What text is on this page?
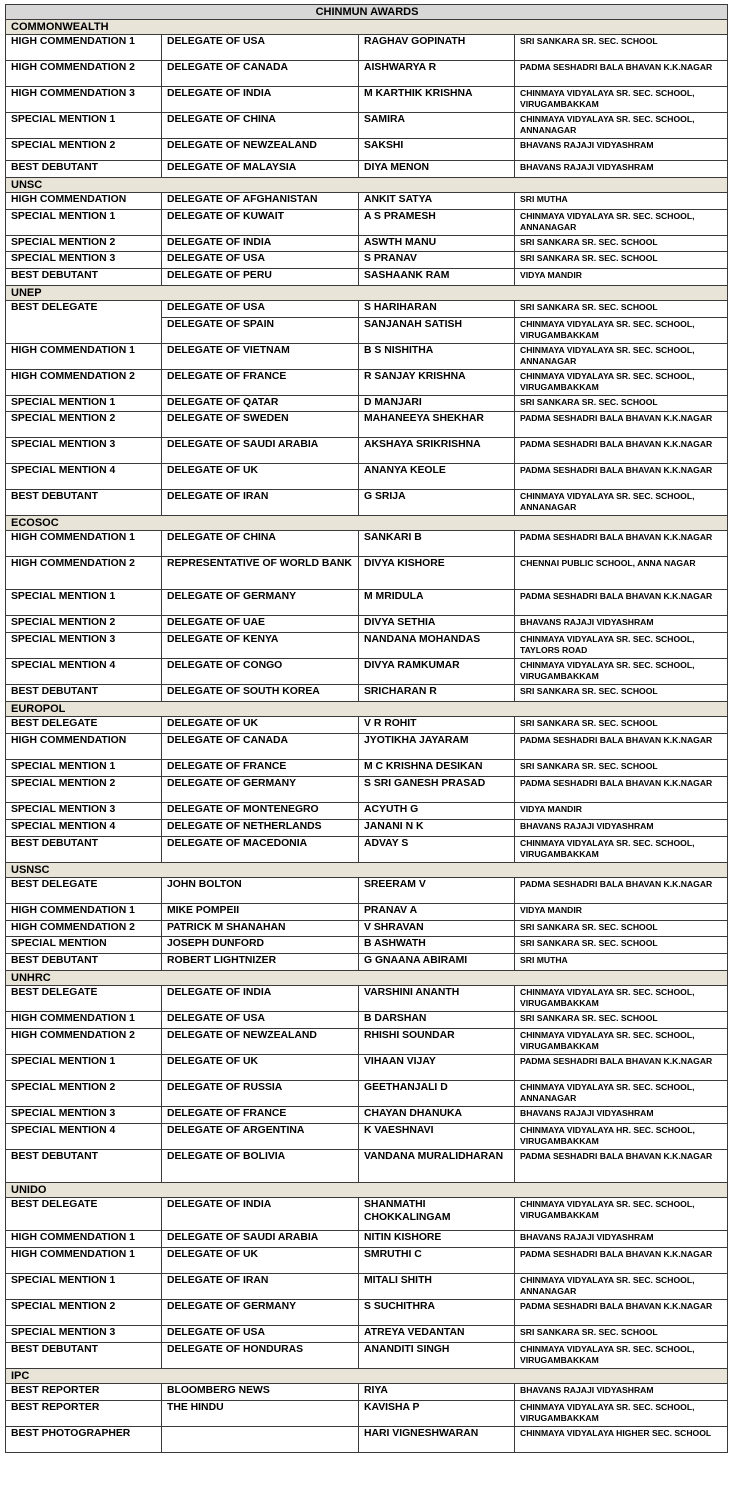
CHINMUN AWARDS			
COMMONWEALTH			
HIGH COMMENDATION 1	DELEGATE OF USA	RAGHAV GOPINATH	SRI SANKARA SR. SEC. SCHOOL
HIGH COMMENDATION 2	DELEGATE OF CANADA	AISHWARYA R	PADMA SESHADRI BALA BHAVAN K.K.NAGAR
HIGH COMMENDATION 3	DELEGATE OF INDIA	M KARTHIK KRISHNA	CHINMAYA VIDYALAYA SR. SEC. SCHOOL, VIRUGAMBAKKAM
SPECIAL MENTION 1	DELEGATE OF CHINA	SAMIRA	CHINMAYA VIDYALAYA SR. SEC. SCHOOL, ANNANAGAR
SPECIAL MENTION 2	DELEGATE OF NEWZEALAND	SAKSHI	BHAVANS RAJAJI VIDYASHRAM
BEST DEBUTANT	DELEGATE OF MALAYSIA	DIYA MENON	BHAVANS RAJAJI VIDYASHRAM
UNSC			
HIGH COMMENDATION	DELEGATE OF AFGHANISTAN	ANKIT SATYA	SRI MUTHA
SPECIAL MENTION 1	DELEGATE OF KUWAIT	A S PRAMESH	CHINMAYA VIDYALAYA SR. SEC. SCHOOL, ANNANAGAR
SPECIAL MENTION 2	DELEGATE OF INDIA	ASWTH MANU	SRI SANKARA SR. SEC. SCHOOL
SPECIAL MENTION 3	DELEGATE OF USA	S PRANAV	SRI SANKARA SR. SEC. SCHOOL
BEST DEBUTANT	DELEGATE OF PERU	SASHAANK RAM	VIDYA MANDIR
UNEP			
BEST DELEGATE	DELEGATE OF USA	S HARIHARAN	SRI SANKARA SR. SEC. SCHOOL
	DELEGATE OF SPAIN	SANJANAH SATISH	CHINMAYA VIDYALAYA SR. SEC. SCHOOL, VIRUGAMBAKKAM
HIGH COMMENDATION 1	DELEGATE OF VIETNAM	B S NISHITHA	CHINMAYA VIDYALAYA SR. SEC. SCHOOL, ANNANAGAR
HIGH COMMENDATION 2	DELEGATE OF FRANCE	R SANJAY KRISHNA	CHINMAYA VIDYALAYA SR. SEC. SCHOOL, VIRUGAMBAKKAM
SPECIAL MENTION 1	DELEGATE OF QATAR	D MANJARI	SRI SANKARA SR. SEC. SCHOOL
SPECIAL MENTION 2	DELEGATE OF SWEDEN	MAHANEEYA SHEKHAR	PADMA SESHADRI BALA BHAVAN K.K.NAGAR
SPECIAL MENTION 3	DELEGATE OF SAUDI ARABIA	AKSHAYA SRIKRISHNA	PADMA SESHADRI BALA BHAVAN K.K.NAGAR
SPECIAL MENTION 4	DELEGATE OF UK	ANANYA KEOLE	PADMA SESHADRI BALA BHAVAN K.K.NAGAR
BEST DEBUTANT	DELEGATE OF IRAN	G SRIJA	CHINMAYA VIDYALAYA SR. SEC. SCHOOL, ANNANAGAR
ECOSOC			
HIGH COMMENDATION 1	DELEGATE OF CHINA	SANKARI B	PADMA SESHADRI BALA BHAVAN K.K.NAGAR
HIGH COMMENDATION 2	REPRESENTATIVE OF WORLD BANK	DIVYA KISHORE	CHENNAI PUBLIC SCHOOL, ANNA NAGAR
SPECIAL MENTION 1	DELEGATE OF GERMANY	M MRIDULA	PADMA SESHADRI BALA BHAVAN K.K.NAGAR
SPECIAL MENTION 2	DELEGATE OF UAE	DIVYA SETHIA	BHAVANS RAJAJI VIDYASHRAM
SPECIAL MENTION 3	DELEGATE OF KENYA	NANDANA MOHANDAS	CHINMAYA VIDYALAYA SR. SEC. SCHOOL, TAYLORS ROAD
SPECIAL MENTION 4	DELEGATE OF CONGO	DIVYA RAMKUMAR	CHINMAYA VIDYALAYA SR. SEC. SCHOOL, VIRUGAMBAKKAM
BEST DEBUTANT	DELEGATE OF SOUTH KOREA	SRICHARAN R	SRI SANKARA SR. SEC. SCHOOL
EUROPOL			
BEST DELEGATE	DELEGATE OF UK	V R ROHIT	SRI SANKARA SR. SEC. SCHOOL
HIGH COMMENDATION	DELEGATE OF CANADA	JYOTIKHA JAYARAM	PADMA SESHADRI BALA BHAVAN K.K.NAGAR
SPECIAL MENTION 1	DELEGATE OF FRANCE	M C KRISHNA DESIKAN	SRI SANKARA SR. SEC. SCHOOL
SPECIAL MENTION 2	DELEGATE OF GERMANY	S SRI GANESH PRASAD	PADMA SESHADRI BALA BHAVAN K.K.NAGAR
SPECIAL MENTION 3	DELEGATE OF MONTENEGRO	ACYUTH G	VIDYA MANDIR
SPECIAL MENTION 4	DELEGATE OF NETHERLANDS	JANANI N K	BHAVANS RAJAJI VIDYASHRAM
BEST DEBUTANT	DELEGATE OF MACEDONIA	ADVAY S	CHINMAYA VIDYALAYA SR. SEC. SCHOOL, VIRUGAMBAKKAM
USNSC			
BEST DELEGATE	JOHN BOLTON	SREERAM V	PADMA SESHADRI BALA BHAVAN K.K.NAGAR
HIGH COMMENDATION 1	MIKE POMPEII	PRANAV A	VIDYA MANDIR
HIGH COMMENDATION 2	PATRICK M SHANAHAN	V SHRAVAN	SRI SANKARA SR. SEC. SCHOOL
SPECIAL MENTION	JOSEPH DUNFORD	B ASHWATH	SRI SANKARA SR. SEC. SCHOOL
BEST DEBUTANT	ROBERT LIGHTNIZER	G GNAANA ABIRAMI	SRI MUTHA
UNHRC			
BEST DELEGATE	DELEGATE OF INDIA	VARSHINI ANANTH	CHINMAYA VIDYALAYA SR. SEC. SCHOOL, VIRUGAMBAKKAM
HIGH COMMENDATION 1	DELEGATE OF USA	B DARSHAN	SRI SANKARA SR. SEC. SCHOOL
HIGH COMMENDATION 2	DELEGATE OF NEWZEALAND	RHISHI SOUNDAR	CHINMAYA VIDYALAYA SR. SEC. SCHOOL, VIRUGAMBAKKAM
SPECIAL MENTION 1	DELEGATE OF UK	VIHAAN VIJAY	PADMA SESHADRI BALA BHAVAN K.K.NAGAR
SPECIAL MENTION 2	DELEGATE OF RUSSIA	GEETHANJALI D	CHINMAYA VIDYALAYA SR. SEC. SCHOOL, ANNANAGAR
SPECIAL MENTION 3	DELEGATE OF FRANCE	CHAYAN DHANUKA	BHAVANS RAJAJI VIDYASHRAM
SPECIAL MENTION 4	DELEGATE OF ARGENTINA	K VAESHNAVI	CHINMAYA VIDYALAYA HR. SEC. SCHOOL, VIRUGAMBAKKAM
BEST DEBUTANT	DELEGATE OF BOLIVIA	VANDANA MURALIDHARAN	PADMA SESHADRI BALA BHAVAN K.K.NAGAR
UNIDO			
BEST DELEGATE	DELEGATE OF INDIA	SHANMATHI CHOKKALINGAM	CHINMAYA VIDYALAYA SR. SEC. SCHOOL, VIRUGAMBAKKAM
HIGH COMMENDATION 1	DELEGATE OF SAUDI ARABIA	NITIN KISHORE	BHAVANS RAJAJI VIDYASHRAM
HIGH COMMENDATION 1	DELEGATE OF UK	SMRUTHI C	PADMA SESHADRI BALA BHAVAN K.K.NAGAR
SPECIAL MENTION 1	DELEGATE OF IRAN	MITALI SHITH	CHINMAYA VIDYALAYA SR. SEC. SCHOOL, ANNANAGAR
SPECIAL MENTION 2	DELEGATE OF GERMANY	S SUCHITHRA	PADMA SESHADRI BALA BHAVAN K.K.NAGAR
SPECIAL MENTION 3	DELEGATE OF USA	ATREYA VEDANTAN	SRI SANKARA SR. SEC. SCHOOL
BEST DEBUTANT	DELEGATE OF HONDURAS	ANANDITI SINGH	CHINMAYA VIDYALAYA SR. SEC. SCHOOL, VIRUGAMBAKKAM
IPC			
BEST REPORTER	BLOOMBERG NEWS	RIYA	BHAVANS RAJAJI VIDYASHRAM
BEST REPORTER	THE HINDU	KAVISHA P	CHINMAYA VIDYALAYA SR. SEC. SCHOOL, VIRUGAMBAKKAM
BEST PHOTOGRAPHER		HARI VIGNESHWARAN	CHINMAYA VIDYALAYA HIGHER SEC. SCHOOL
